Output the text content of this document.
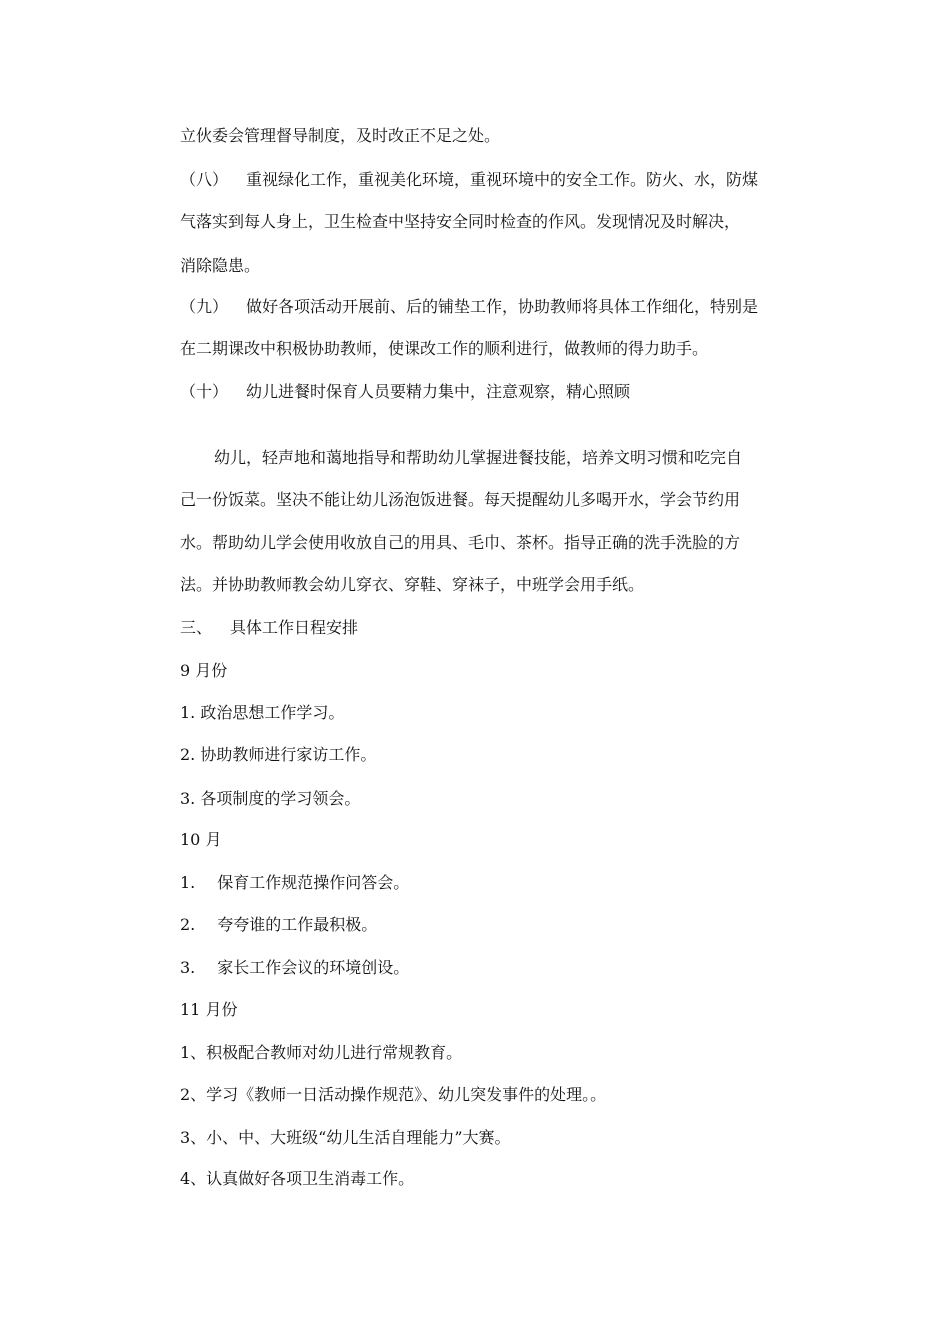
立伙委会管理督导制度，及时改正不足之处。
（八） 重视绿化工作，重视美化环境，重视环境中的安全工作。防火、水，防煤
气落实到每人身上，卫生检查中坚持安全同时检查的作风。发现情况及时解决，
消除隐患。
（九） 做好各项活动开展前、后的铺垫工作，协助教师将具体工作细化，特别是
在二期课改中积极协助教师，使课改工作的顺利进行，做教师的得力助手。
（十） 幼儿进餐时保育人员要精力集中，注意观察，精心照顾
幼儿，轻声地和蔼地指导和帮助幼儿掌握进餐技能，培养文明习惯和吃完自
己一份饭菜。坚决不能让幼儿汤泡饭进餐。每天提醒幼儿多喝开水，学会节约用
水。帮助幼儿学会使用收放自己的用具、毛巾、茶杯。指导正确的洗手洗脸的方
法。并协助教师教会幼儿穿衣、穿鞋、穿袜子，中班学会用手纸。
三、 具体工作日程安排
9 月份
1. 政治思想工作学习。
2. 协助教师进行家访工作。
3. 各项制度的学习领会。
10 月
1. 保育工作规范操作问答会。
2. 夸夸谁的工作最积极。
3. 家长工作会议的环境创设。
11 月份
1、积极配合教师对幼儿进行常规教育。
2、学习《教师一日活动操作规范》、幼儿突发事件的处理。。
3、小、中、大班级“幼儿生活自理能力”大赛。
4、认真做好各项卫生消毒工作。
